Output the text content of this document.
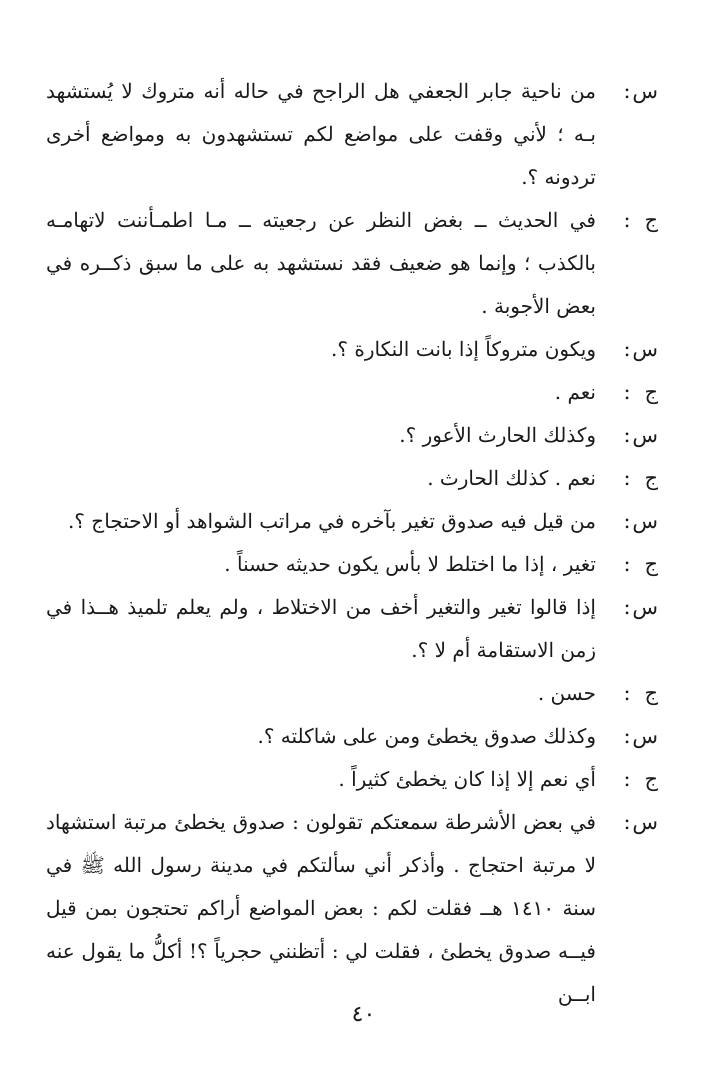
س
:
من ناحية جابر الجعفي هل الراجح في حاله أنه متروك لا يُستشهد بـه ؛ لأني وقفت على مواضع لكم تستشهدون به ومواضع أخرى تردونه ؟.
ج
:
في الحديث ــ بغض النظر عن رجعيته ــ مـا اطمـأننت لاتهامـه بالكذب ؛ وإنما هو ضعيف فقد نستشهد به على ما سبق ذكــره في بعض الأجوبة .
س
:
ويكون متروكاً إذا بانت النكارة ؟.
ج
:
نعم .
س
:
وكذلك الحارث الأعور ؟.
ج
:
نعم . كذلك الحارث .
س
:
من قيل فيه صدوق تغير بآخره في مراتب الشواهد أو الاحتجاج ؟.
ج
:
تغير ، إذا ما اختلط لا بأس يكون حديثه حسناً .
س
:
إذا قالوا تغير والتغير أخف من الاختلاط ، ولم يعلم تلميذ هــذا في زمن الاستقامة أم لا ؟.
ج
:
حسن .
س
:
وكذلك صدوق يخطئ ومن على شاكلته ؟.
ج
:
أي نعم إلا إذا كان يخطئ كثيراً .
س
:
في بعض الأشرطة سمعتكم تقولون : صدوق يخطئ مرتبة استشهاد لا مرتبة احتجاج . وأذكر أني سألتكم في مدينة رسول الله ﷺ في سنة ١٤١٠ هــ فقلت لكم : بعض المواضع أراكم تحتجون بمن قيل فيــه صدوق يخطئ ، فقلت لي : أتظنني حجرياً ؟! أكلُّ ما يقول عنه ابــن
٤٠
